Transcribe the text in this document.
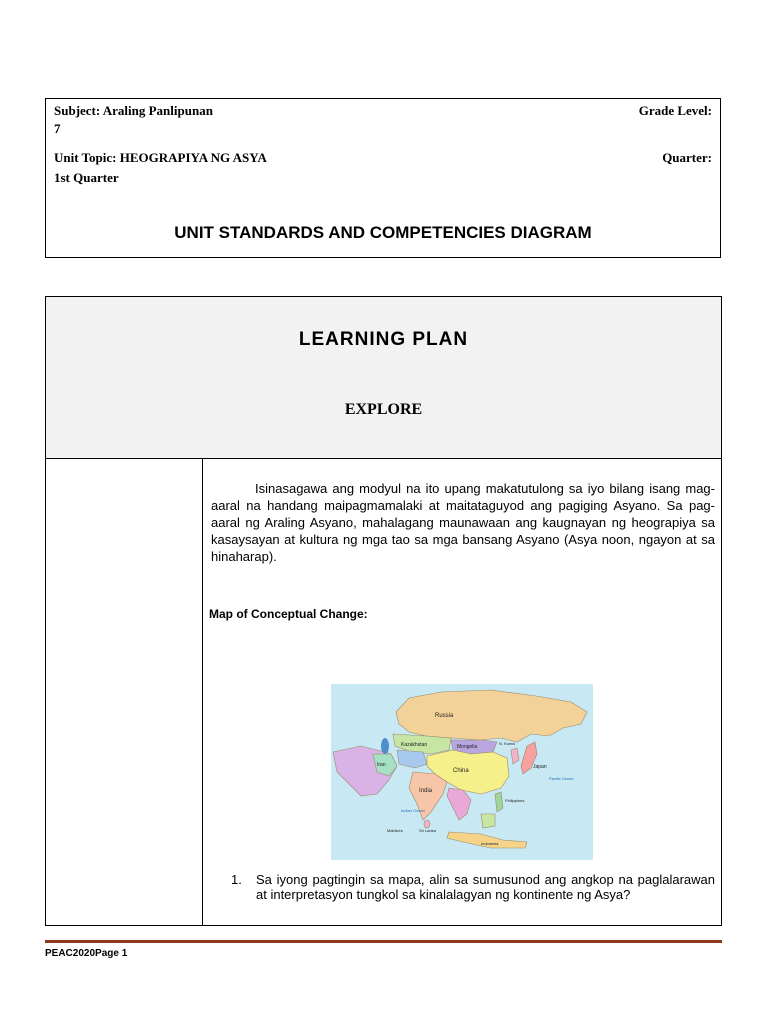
Subject: Araling Panlipunan	Grade Level:
7
Unit Topic: HEOGRAPIYA NG ASYA	Quarter:
1st Quarter
UNIT STANDARDS AND COMPETENCIES DIAGRAM
LEARNING PLAN
EXPLORE

Isinasagawa ang modyul na ito upang makatutulong sa iyo bilang isang mag-aaral na handang maipagmamalaki at maitataguyod ang pagiging Asyano. Sa pag-aaral ng Araling Asyano, mahalagang maunawaan ang kaugnayan ng heograpiya sa kasaysayan at kultura ng mga tao sa mga bansang Asyano (Asya noon, ngayon at sa hinaharap).

Map of Conceptual Change:
Russia
Kazakhstan	Mongolia
China
N. Korea
Japan
Iran
India
Pacific Ocean
Indian Ocean
Philippines
Indonesia
Maldives	Sri Lanka
1. Sa iyong pagtingin sa mapa, alin sa sumusunod ang angkop na paglalarawan at interpretasyon tungkol sa kinalalagyan ng kontinente ng Asya?
PEAC2020Page 1
